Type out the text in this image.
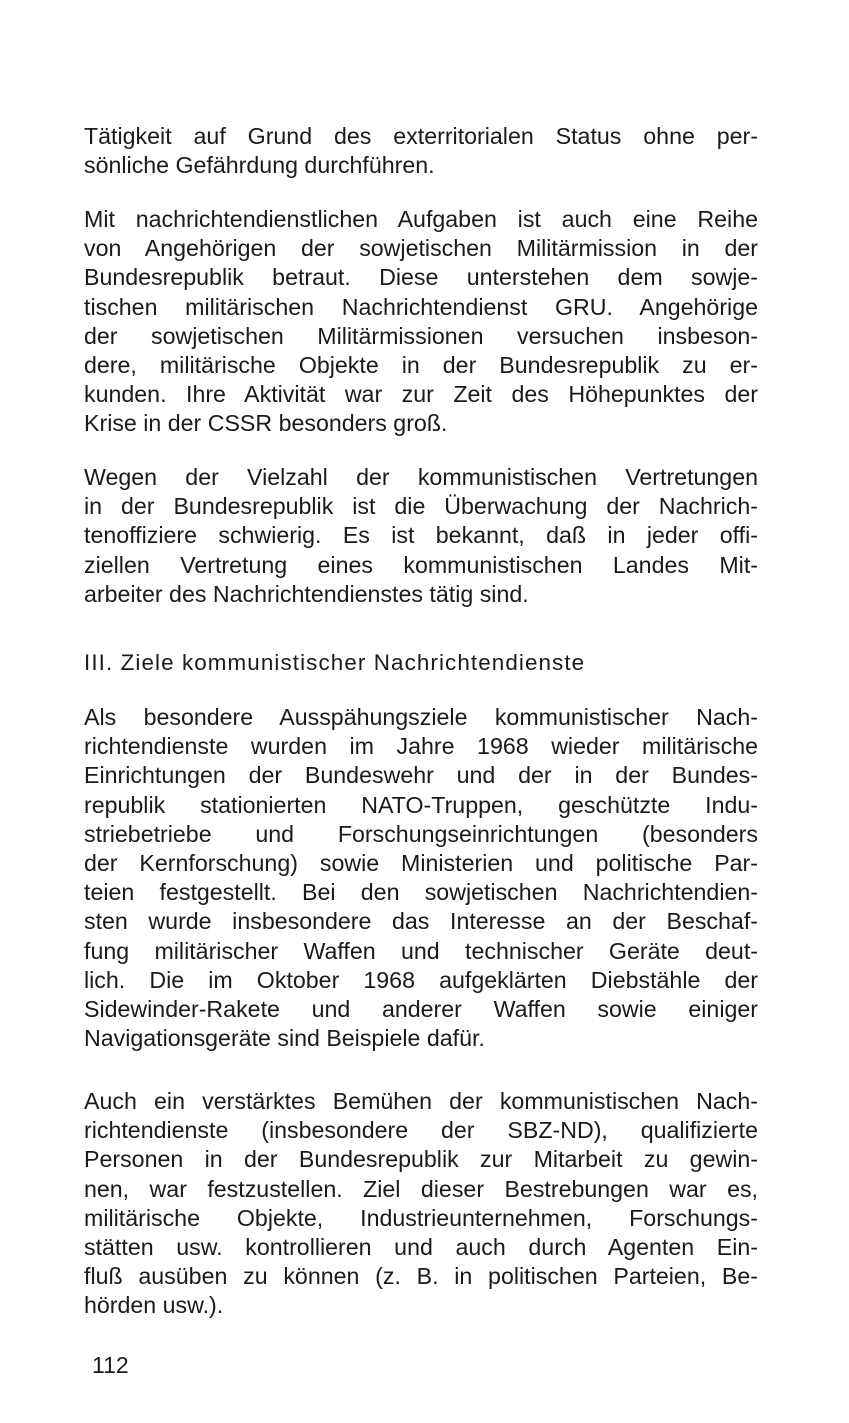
Tätigkeit auf Grund des exterritorialen Status ohne per-
sönliche Gefährdung durchführen.
Mit nachrichtendienstlichen Aufgaben ist auch eine Reihe
von Angehörigen der sowjetischen Militärmission in der
Bundesrepublik betraut. Diese unterstehen dem sowje-
tischen militärischen Nachrichtendienst GRU. Angehörige
der sowjetischen Militärmissionen versuchen insbeson-
dere, militärische Objekte in der Bundesrepublik zu er-
kunden. Ihre Aktivität war zur Zeit des Höhepunktes der
Krise in der CSSR besonders groß.
Wegen der Vielzahl der kommunistischen Vertretungen
in der Bundesrepublik ist die Überwachung der Nachrich-
tenoffiziere schwierig. Es ist bekannt, daß in jeder offi-
ziellen Vertretung eines kommunistischen Landes Mit-
arbeiter des Nachrichtendienstes tätig sind.
III. Ziele kommunistischer Nachrichtendienste
Als besondere Ausspähungsziele kommunistischer Nach-
richtendienste wurden im Jahre 1968 wieder militärische
Einrichtungen der Bundeswehr und der in der Bundes-
republik stationierten NATO-Truppen, geschützte Indu-
striebetriebe und Forschungseinrichtungen (besonders
der Kernforschung) sowie Ministerien und politische Par-
teien festgestellt. Bei den sowjetischen Nachrichtendien-
sten wurde insbesondere das Interesse an der Beschaf-
fung militärischer Waffen und technischer Geräte deut-
lich. Die im Oktober 1968 aufgeklärten Diebstähle der
Sidewinder-Rakete und anderer Waffen sowie einiger
Navigationsgeräte sind Beispiele dafür.
Auch ein verstärktes Bemühen der kommunistischen Nach-
richtendienste (insbesondere der SBZ-ND), qualifizierte
Personen in der Bundesrepublik zur Mitarbeit zu gewin-
nen, war festzustellen. Ziel dieser Bestrebungen war es,
militärische Objekte, Industrieunternehmen, Forschungs-
stätten usw. kontrollieren und auch durch Agenten Ein-
fluß ausüben zu können (z. B. in politischen Parteien, Be-
hörden usw.).
112
